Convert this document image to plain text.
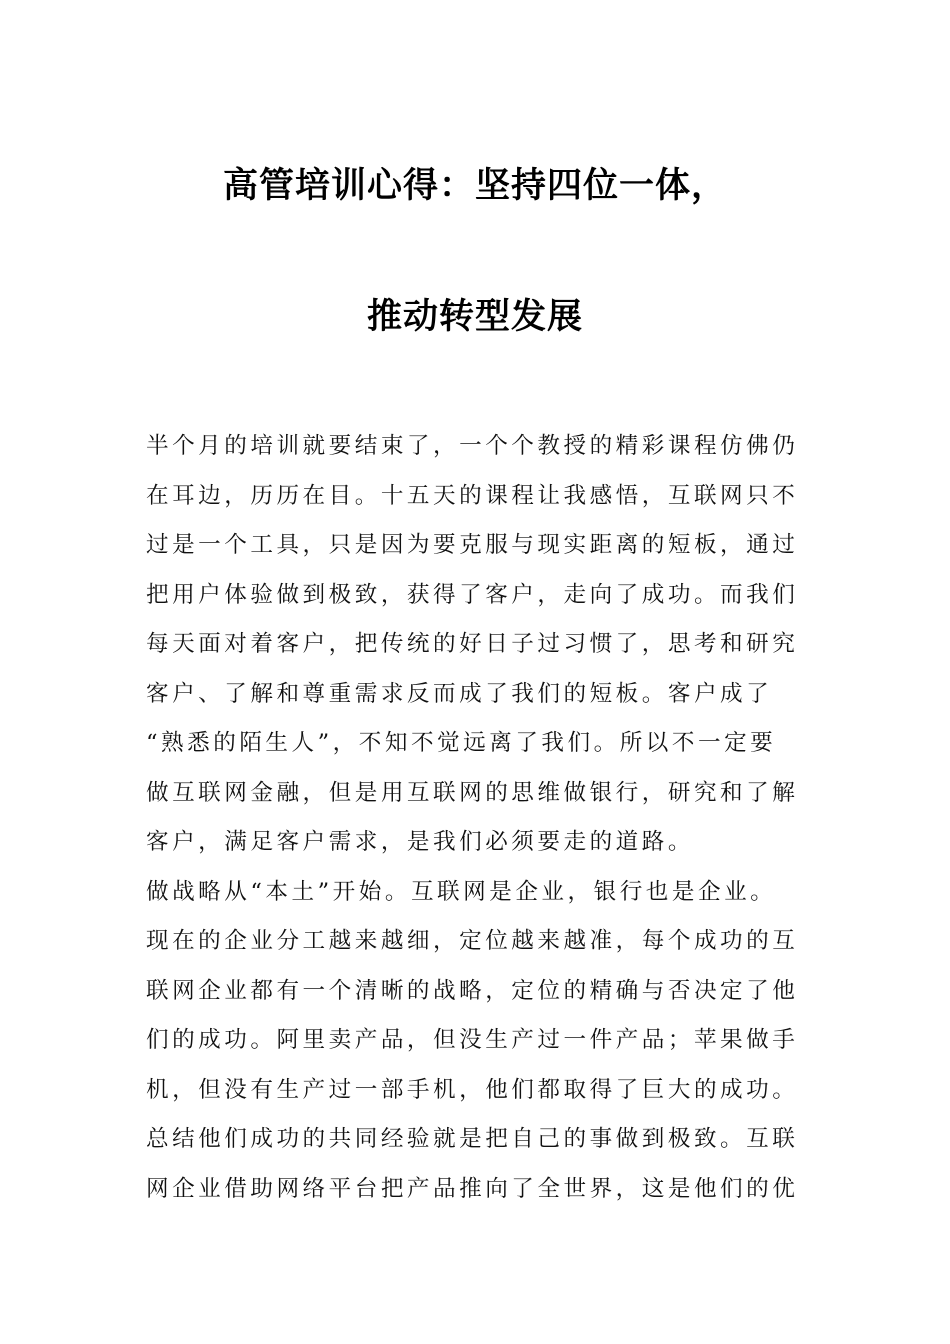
高管培训心得：坚持四位一体，
推动转型发展
半个月的培训就要结束了，一个个教授的精彩课程仿佛仍
在耳边，历历在目。十五天的课程让我感悟，互联网只不
过是一个工具，只是因为要克服与现实距离的短板，通过
把用户体验做到极致，获得了客户，走向了成功。而我们
每天面对着客户，把传统的好日子过习惯了，思考和研究
客户、了解和尊重需求反而成了我们的短板。客户成了
“熟悉的陌生人”，不知不觉远离了我们。所以不一定要
做互联网金融，但是用互联网的思维做银行，研究和了解
客户，满足客户需求，是我们必须要走的道路。
做战略从“本土”开始。互联网是企业，银行也是企业。
现在的企业分工越来越细，定位越来越准，每个成功的互
联网企业都有一个清晰的战略，定位的精确与否决定了他
们的成功。阿里卖产品，但没生产过一件产品；苹果做手
机，但没有生产过一部手机，他们都取得了巨大的成功。
总结他们成功的共同经验就是把自己的事做到极致。互联
网企业借助网络平台把产品推向了全世界，这是他们的优
